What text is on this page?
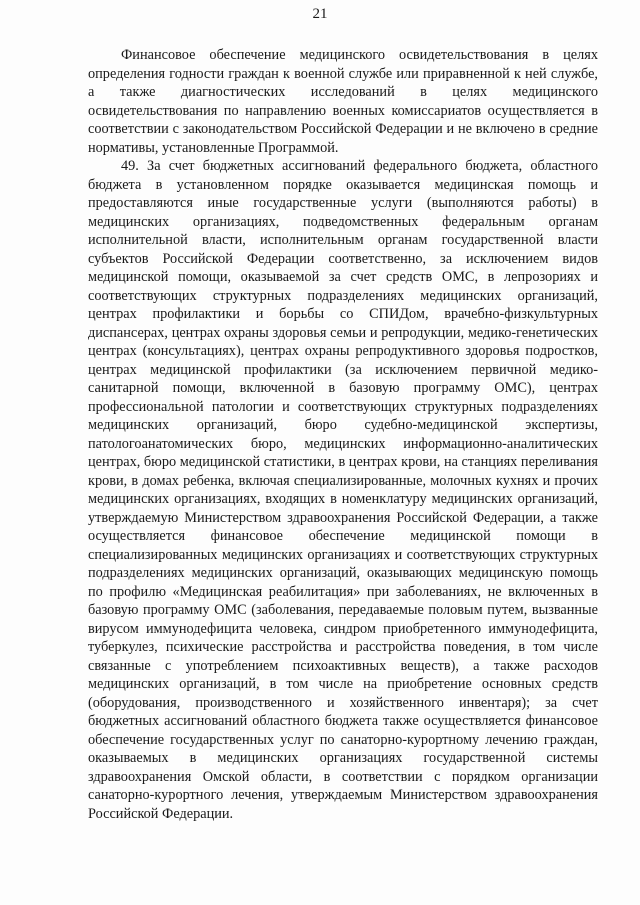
21

Финансовое обеспечение медицинского освидетельствования в целях определения годности граждан к военной службе или приравненной к ней службе, а также диагностических исследований в целях медицинского освидетельствования по направлению военных комиссариатов осуществляется в соответствии с законодательством Российской Федерации и не включено в средние нормативы, установленные Программой.

49. За счет бюджетных ассигнований федерального бюджета, областного бюджета в установленном порядке оказывается медицинская помощь и предоставляются иные государственные услуги (выполняются работы) в медицинских организациях, подведомственных федеральным органам исполнительной власти, исполнительным органам государственной власти субъектов Российской Федерации соответственно, за исключением видов медицинской помощи, оказываемой за счет средств ОМС, в лепрозориях и соответствующих структурных подразделениях медицинских организаций, центрах профилактики и борьбы со СПИДом, врачебно-физкультурных диспансерах, центрах охраны здоровья семьи и репродукции, медико-генетических центрах (консультациях), центрах охраны репродуктивного здоровья подростков, центрах медицинской профилактики (за исключением первичной медико-санитарной помощи, включенной в базовую программу ОМС), центрах профессиональной патологии и соответствующих структурных подразделениях медицинских организаций, бюро судебно-медицинской экспертизы, патологоанатомических бюро, медицинских информационно-аналитических центрах, бюро медицинской статистики, в центрах крови, на станциях переливания крови, в домах ребенка, включая специализированные, молочных кухнях и прочих медицинских организациях, входящих в номенклатуру медицинских организаций, утверждаемую Министерством здравоохранения Российской Федерации, а также осуществляется финансовое обеспечение медицинской помощи в специализированных медицинских организациях и соответствующих структурных подразделениях медицинских организаций, оказывающих медицинскую помощь по профилю «Медицинская реабилитация» при заболеваниях, не включенных в базовую программу ОМС (заболевания, передаваемые половым путем, вызванные вирусом иммунодефицита человека, синдром приобретенного иммунодефицита, туберкулез, психические расстройства и расстройства поведения, в том числе связанные с употреблением психоактивных веществ), а также расходов медицинских организаций, в том числе на приобретение основных средств (оборудования, производственного и хозяйственного инвентаря); за счет бюджетных ассигнований областного бюджета также осуществляется финансовое обеспечение государственных услуг по санаторно-курортному лечению граждан, оказываемых в медицинских организациях государственной системы здравоохранения Омской области, в соответствии с порядком организации санаторно-курортного лечения, утверждаемым Министерством здравоохранения Российской Федерации.
